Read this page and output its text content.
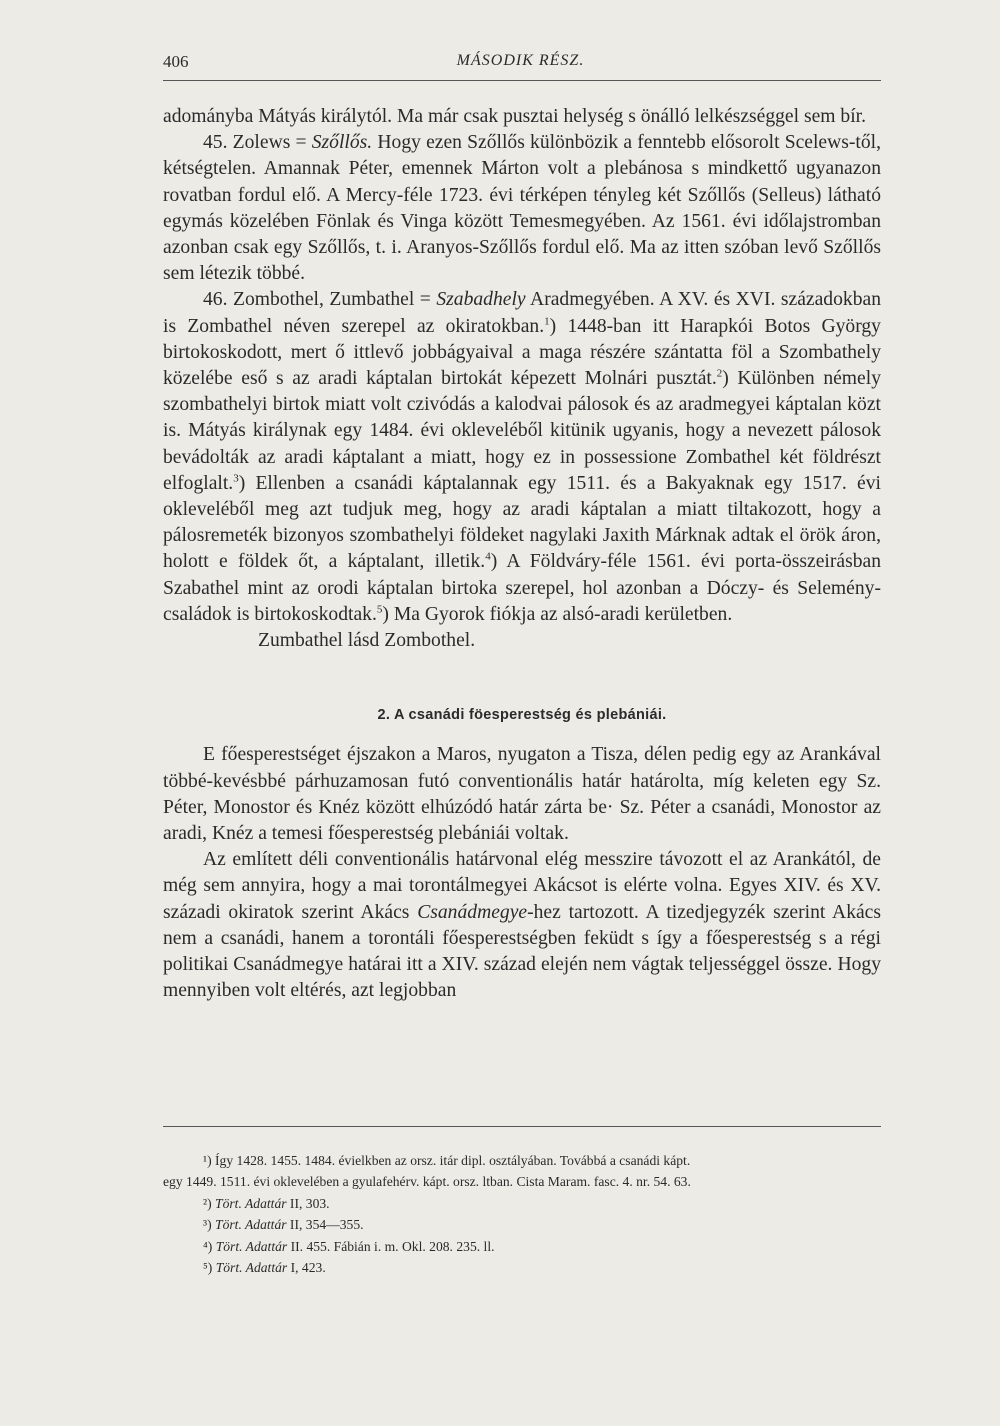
406	MÁSODIK RÉSZ.

adományba Mátyás királytól. Ma már csak pusztai helység s önálló lelkészséggel sem bír.

45. Zolews = Szőllős. Hogy ezen Szőllős különbözik a fenntebb elősorolt Scelews-től, kétségtelen. Amannak Péter, emennek Márton volt a plebánosa s mindkettő ugyanazon rovatban fordul elő. A Mercy-féle 1723. évi térképen tényleg két Szőllős (Selleus) látható egymás közelében Fönlak és Vinga között Temesmegyében. Az 1561. évi időlajstromban azonban csak egy Szőllős, t. i. Aranyos-Szőllős fordul elő. Ma az itten szóban levő Szőllős sem létezik többé.

46. Zombothel, Zumbathel = Szabadhely Aradmegyében. A XV. és XVI. századokban is Zombathel néven szerepel az okiratokban.$^1$) 1448-ban itt Harapkói Botos György birtokoskodott, mert ő ittlevő jobbágyaival a maga részére szántatta föl a Szombathely közelébe eső s az aradi káptalan birtokát képezett Molnári pusztát.$^2$) Különben némely szombathelyi birtok miatt volt czivódás a kalodvai pálosok és az aradmegyei káptalan közt is. Mátyás királynak egy 1484. évi okleveléből kitünik ugyanis, hogy a nevezett pálosok bevádolták az aradi káptalant a miatt, hogy ez in possessione Zombathel két földrészt elfoglalt.$^3$) Ellenben a csanádi káptalannak egy 1511. és a Bakyaknak egy 1517. évi okleveléből meg azt tudjuk meg, hogy az aradi káptalan a miatt tiltakozott, hogy a pálosremeték bizonyos szombathelyi földeket nagylaki Jaxith Márknak adtak el örök áron, holott e földek őt, a káptalant, illetik.$^4$) A Földváry-féle 1561. évi porta-összeirásban Szabathel mint az orodi káptalan birtoka szerepel, hol azonban a Dóczy- és Selemény-családok is birtokoskodtak.$^5$) Ma Gyorok fiókja az alsó-aradi kerületben.

Zumbathel lásd Zombothel.

2. A csanádi föesperestség és plebániái.

E főesperestséget éjszakon a Maros, nyugaton a Tisza, délen pedig egy az Arankával többé-kevésbbé párhuzamosan futó conventionális határ határolta, míg keleten egy Sz. Péter, Monostor és Knéz között elhúzódó határ zárta be· Sz. Péter a csanádi, Monostor az aradi, Knéz a temesi főesperestség plebániái voltak.

Az említett déli conventionális határvonal elég messzire távozott el az Arankától, de még sem annyira, hogy a mai torontálmegyei Akácsot is elérte volna. Egyes XIV. és XV. századi okiratok szerint Akács Csanádmegye-hez tartozott. A tizedjegyzék szerint Akács nem a csanádi, hanem a torontáli főesperestségben feküdt s így a főesperestség s a régi politikai Csanádmegye határai itt a XIV. század elején nem vágtak teljességgel össze. Hogy mennyiben volt eltérés, azt legjobban

¹) Így 1428. 1455. 1484. évielkben az orsz. itár dipl. osztályában. Továbbá a csanádi kápt.

egy 1449. 1511. évi oklevelében a gyulafehérv. kápt. orsz. ltban. Cista Maram. fasc. 4. nr. 54. 63.

²) Tört. Adattár II, 303.

³) Tört. Adattár II, 354—355.

⁴) Tört. Adattár II. 455. Fábián i. m. Okl. 208. 235. ll.

⁵) Tört. Adattár I, 423.
